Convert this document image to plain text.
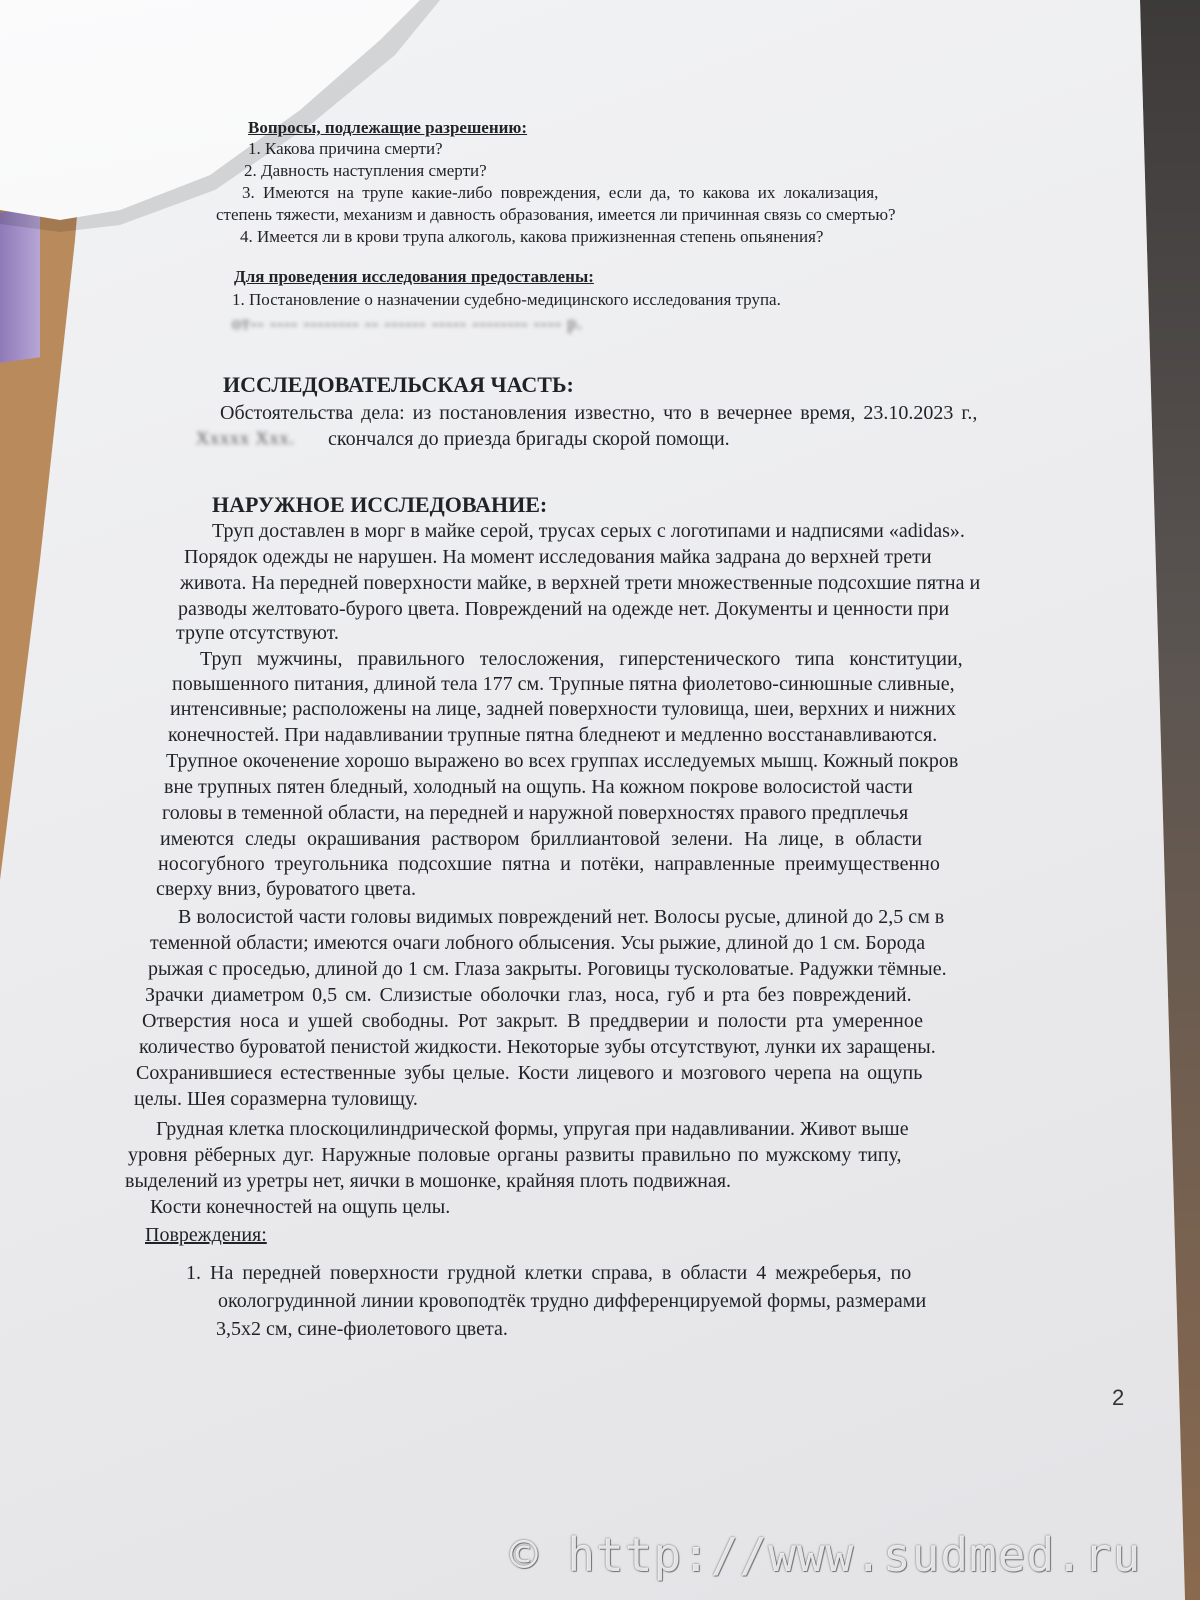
Вопросы, подлежащие разрешению:
1. Какова причина смерти?
2. Давность наступления смерти?
3. Имеются на трупе какие-либо повреждения, если да, то какова их локализация,
степень тяжести, механизм и давность образования, имеется ли причинная связь со смертью?
4. Имеется ли в крови трупа алкоголь, какова прижизненная степень опьянения?
Для проведения исследования предоставлены:
1. Постановление о назначении судебно-медицинского исследования трупа.
от-- ---- -------- -- ------ ----- -------- ---- р.
ИССЛЕДОВАТЕЛЬСКАЯ ЧАСТЬ:
Обстоятельства дела: из постановления известно, что в вечернее время, 23.10.2023 г.,
Ххххх Ххх. скончался до приезда бригады скорой помощи.
НАРУЖНОЕ ИССЛЕДОВАНИЕ:
Труп доставлен в морг в майке серой, трусах серых с логотипами и надписями «adidas».
Порядок одежды не нарушен. На момент исследования майка задрана до верхней трети
живота. На передней поверхности майке, в верхней трети множественные подсохшие пятна и
разводы желтовато-бурого цвета. Повреждений на одежде нет. Документы и ценности при
трупе отсутствуют.
Труп мужчины, правильного телосложения, гиперстенического типа конституции,
повышенного питания, длиной тела 177 см. Трупные пятна фиолетово-синюшные сливные,
интенсивные; расположены на лице, задней поверхности туловища, шеи, верхних и нижних
конечностей. При надавливании трупные пятна бледнеют и медленно восстанавливаются.
Трупное окоченение хорошо выражено во всех группах исследуемых мышц. Кожный покров
вне трупных пятен бледный, холодный на ощупь. На кожном покрове волосистой части
головы в теменной области, на передней и наружной поверхностях правого предплечья
имеются следы окрашивания раствором бриллиантовой зелени. На лице, в области
носогубного треугольника подсохшие пятна и потёки, направленные преимущественно
сверху вниз, буроватого цвета.
В волосистой части головы видимых повреждений нет. Волосы русые, длиной до 2,5 см в
теменной области; имеются очаги лобного облысения. Усы рыжие, длиной до 1 см. Борода
рыжая с проседью, длиной до 1 см. Глаза закрыты. Роговицы тусколоватые. Радужки тёмные.
Зрачки диаметром 0,5 см. Слизистые оболочки глаз, носа, губ и рта без повреждений.
Отверстия носа и ушей свободны. Рот закрыт. В преддверии и полости рта умеренное
количество буроватой пенистой жидкости. Некоторые зубы отсутствуют, лунки их заращены.
Сохранившиеся естественные зубы целые. Кости лицевого и мозгового черепа на ощупь
целы. Шея соразмерна туловищу.
Грудная клетка плоскоцилиндрической формы, упругая при надавливании. Живот выше
уровня рёберных дуг. Наружные половые органы развиты правильно по мужскому типу,
выделений из уретры нет, яички в мошонке, крайняя плоть подвижная.
Кости конечностей на ощупь целы.
Повреждения:
1. На передней поверхности грудной клетки справа, в области 4 межреберья, по
окологрудинной линии кровоподтёк трудно дифференцируемой формы, размерами
3,5х2 см, сине-фиолетового цвета.
2
© http://www.sudmed.ru
